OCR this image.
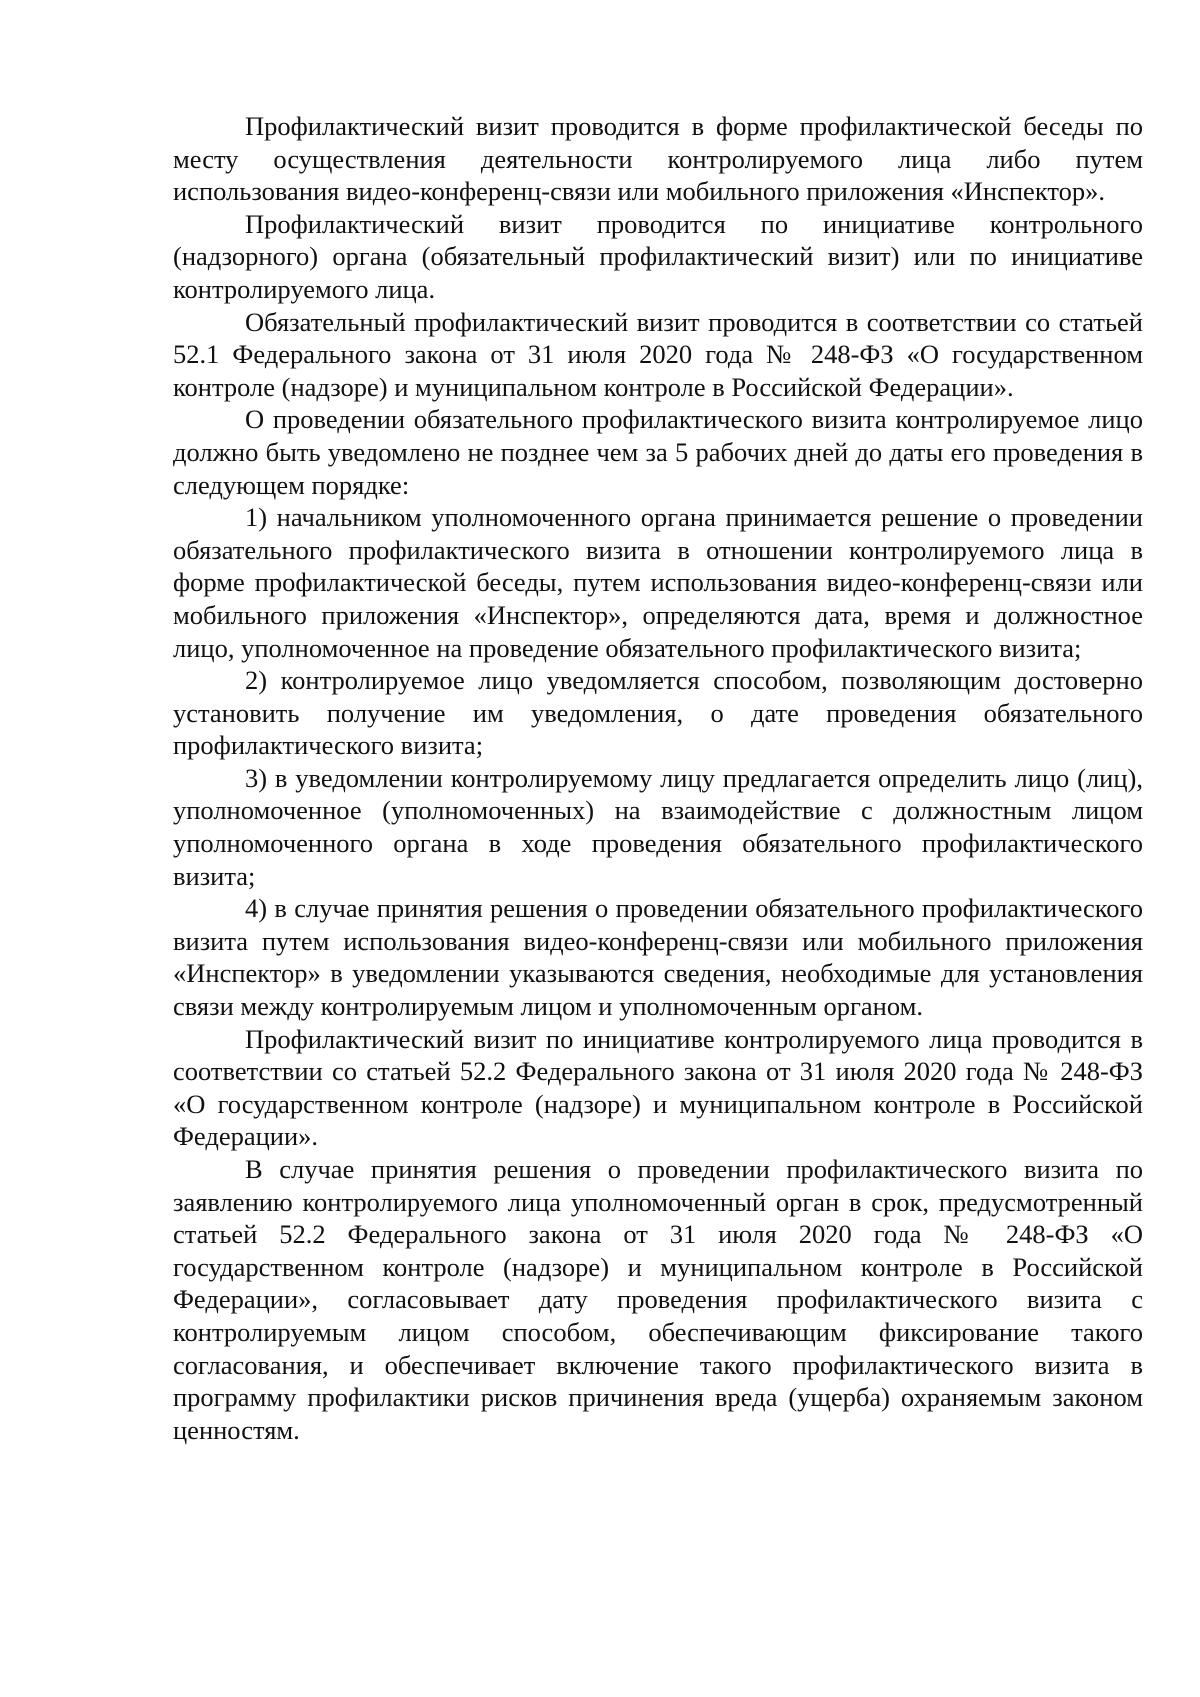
Профилактический визит проводится в форме профилактической беседы по месту осуществления деятельности контролируемого лица либо путем использования видео-конференц-связи или мобильного приложения «Инспектор».

Профилактический визит проводится по инициативе контрольного (надзорного) органа (обязательный профилактический визит) или по инициативе контролируемого лица.

Обязательный профилактический визит проводится в соответствии со статьей 52.1 Федерального закона от 31 июля 2020 года № 248-ФЗ «О государственном контроле (надзоре) и муниципальном контроле в Российской Федерации».

О проведении обязательного профилактического визита контролируемое лицо должно быть уведомлено не позднее чем за 5 рабочих дней до даты его проведения в следующем порядке:

1) начальником уполномоченного органа принимается решение о проведении обязательного профилактического визита в отношении контролируемого лица в форме профилактической беседы, путем использования видео-конференц-связи или мобильного приложения «Инспектор», определяются дата, время и должностное лицо, уполномоченное на проведение обязательного профилактического визита;

2) контролируемое лицо уведомляется способом, позволяющим достоверно установить получение им уведомления, о дате проведения обязательного профилактического визита;

3) в уведомлении контролируемому лицу предлагается определить лицо (лиц), уполномоченное (уполномоченных) на взаимодействие с должностным лицом уполномоченного органа в ходе проведения обязательного профилактического визита;

4) в случае принятия решения о проведении обязательного профилактического визита путем использования видео-конференц-связи или мобильного приложения «Инспектор» в уведомлении указываются сведения, необходимые для установления связи между контролируемым лицом и уполномоченным органом.

Профилактический визит по инициативе контролируемого лица проводится в соответствии со статьей 52.2 Федерального закона от 31 июля 2020 года № 248-ФЗ «О государственном контроле (надзоре) и муниципальном контроле в Российской Федерации».

В случае принятия решения о проведении профилактического визита по заявлению контролируемого лица уполномоченный орган в срок, предусмотренный статьей 52.2 Федерального закона от 31 июля 2020 года № 248-ФЗ «О государственном контроле (надзоре) и муниципальном контроле в Российской Федерации», согласовывает дату проведения профилактического визита с контролируемым лицом способом, обеспечивающим фиксирование такого согласования, и обеспечивает включение такого профилактического визита в программу профилактики рисков причинения вреда (ущерба) охраняемым законом ценностям.
